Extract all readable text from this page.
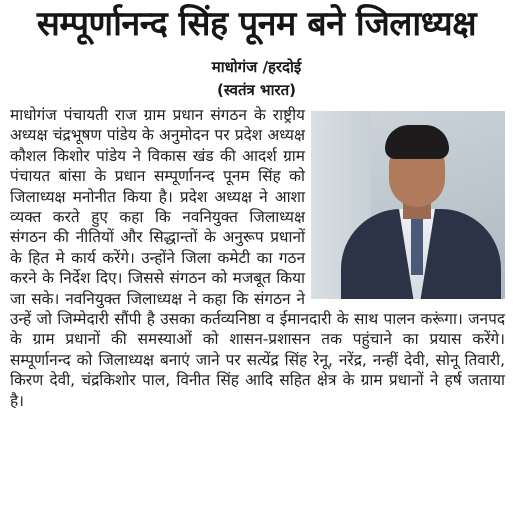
सम्पूर्णानन्द सिंह पूनम बने जिलाध्यक्ष
माधोगंज /हरदोई
(स्वतंत्र भारत)
माधोगंज पंचायती राज ग्राम प्रधान संगठन के राष्ट्रीय अध्यक्ष चंद्रभूषण पांडेय के अनुमोदन पर प्रदेश अध्यक्ष कौशल किशोर पांडेय ने विकास खंड की आदर्श ग्राम पंचायत बांसा के प्रधान सम्पूर्णानन्द पूनम सिंह को जिलाध्यक्ष मनोनीत किया है। प्रदेश अध्यक्ष ने आशा व्यक्त करते हुए कहा कि नवनियुक्त जिलाध्यक्ष संगठन की नीतियों और सिद्धान्तों के अनुरूप प्रधानों के हित मे कार्य करेंगे। उन्होंने जिला कमेटी का गठन करने के निर्देश दिए। जिससे संगठन को मजबूत किया जा सके। नवनियुक्त जिलाध्यक्ष ने कहा कि संगठन ने उन्हें जो जिम्मेदारी सौंपी है उसका कर्तव्यनिष्ठा व ईमानदारी के साथ पालन करूंगा। जनपद के ग्राम प्रधानों की समस्याओं को शासन-प्रशासन तक पहुंचाने का प्रयास करेंगे। सम्पूर्णानन्द को जिलाध्यक्ष बनाएं जाने पर सत्येंद्र सिंह रेनू, नरेंद्र, नन्हीं देवी, सोनू तिवारी, किरण देवी, चंद्रकिशोर पाल, विनीत सिंह आदि सहित क्षेत्र के ग्राम प्रधानों ने हर्ष जताया है।
